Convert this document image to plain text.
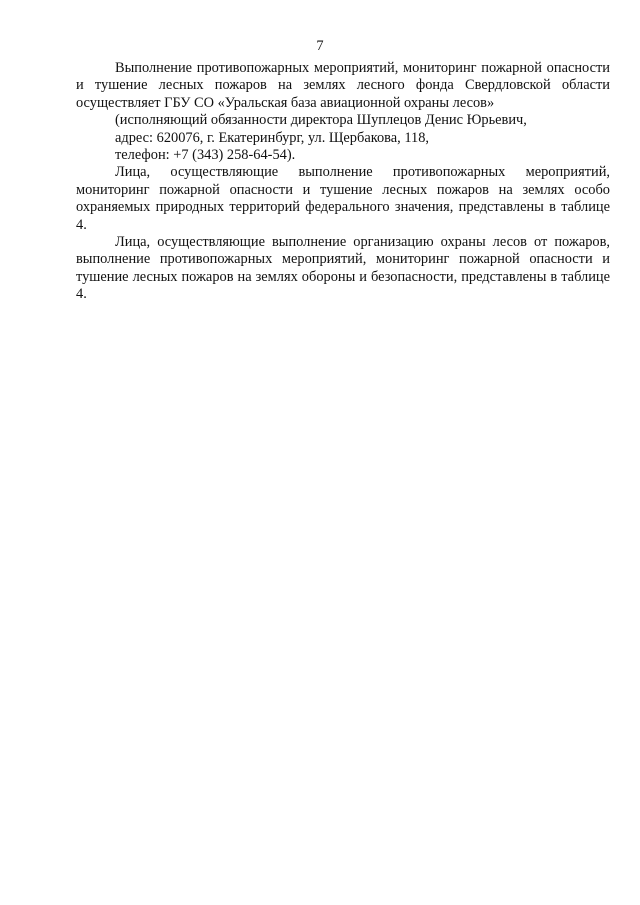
7

Выполнение противопожарных мероприятий, мониторинг пожарной опасности и тушение лесных пожаров на землях лесного фонда Свердловской области осуществляет ГБУ СО «Уральская база авиационной охраны лесов»

(исполняющий обязанности директора Шуплецов Денис Юрьевич,

адрес: 620076, г. Екатеринбург, ул. Щербакова, 118,

телефон: +7 (343) 258-64-54).

Лица, осуществляющие выполнение противопожарных мероприятий, мониторинг пожарной опасности и тушение лесных пожаров на землях особо охраняемых природных территорий федерального значения, представлены в таблице 4.

Лица, осуществляющие выполнение организацию охраны лесов от пожаров, выполнение противопожарных мероприятий, мониторинг пожарной опасности и тушение лесных пожаров на землях обороны и безопасности, представлены в таблице 4.
